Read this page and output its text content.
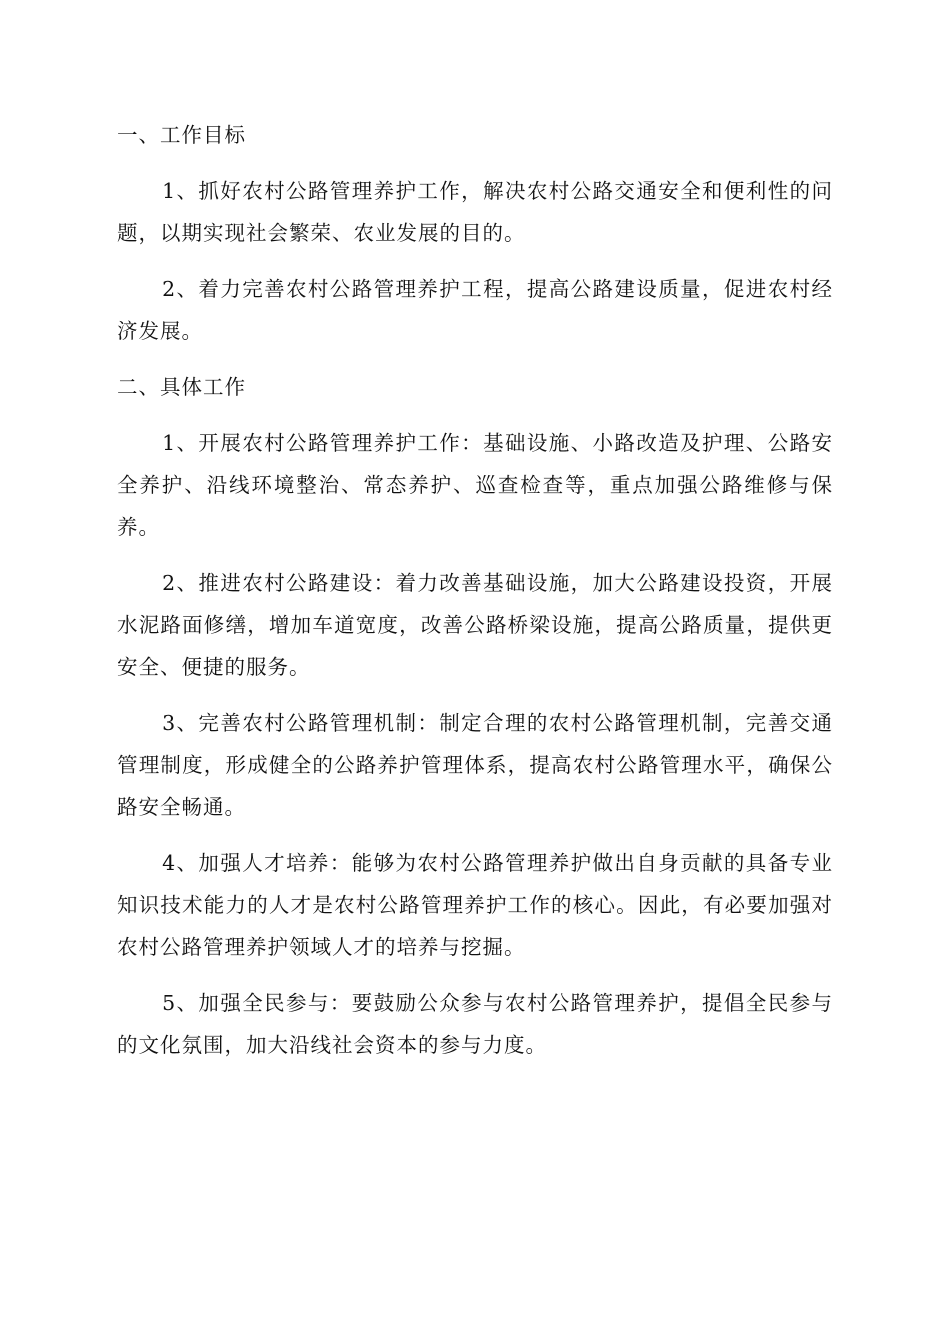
一、工作目标

1、抓好农村公路管理养护工作，解决农村公路交通安全和便利性的问题，以期实现社会繁荣、农业发展的目的。

2、着力完善农村公路管理养护工程，提高公路建设质量，促进农村经济发展。

二、具体工作

1、开展农村公路管理养护工作：基础设施、小路改造及护理、公路安全养护、沿线环境整治、常态养护、巡查检查等，重点加强公路维修与保养。

2、推进农村公路建设：着力改善基础设施，加大公路建设投资，开展水泥路面修缮，增加车道宽度，改善公路桥梁设施，提高公路质量，提供更安全、便捷的服务。

3、完善农村公路管理机制：制定合理的农村公路管理机制，完善交通管理制度，形成健全的公路养护管理体系，提高农村公路管理水平，确保公路安全畅通。

4、加强人才培养：能够为农村公路管理养护做出自身贡献的具备专业知识技术能力的人才是农村公路管理养护工作的核心。因此，有必要加强对农村公路管理养护领域人才的培养与挖掘。

5、加强全民参与：要鼓励公众参与农村公路管理养护，提倡全民参与的文化氛围，加大沿线社会资本的参与力度。
